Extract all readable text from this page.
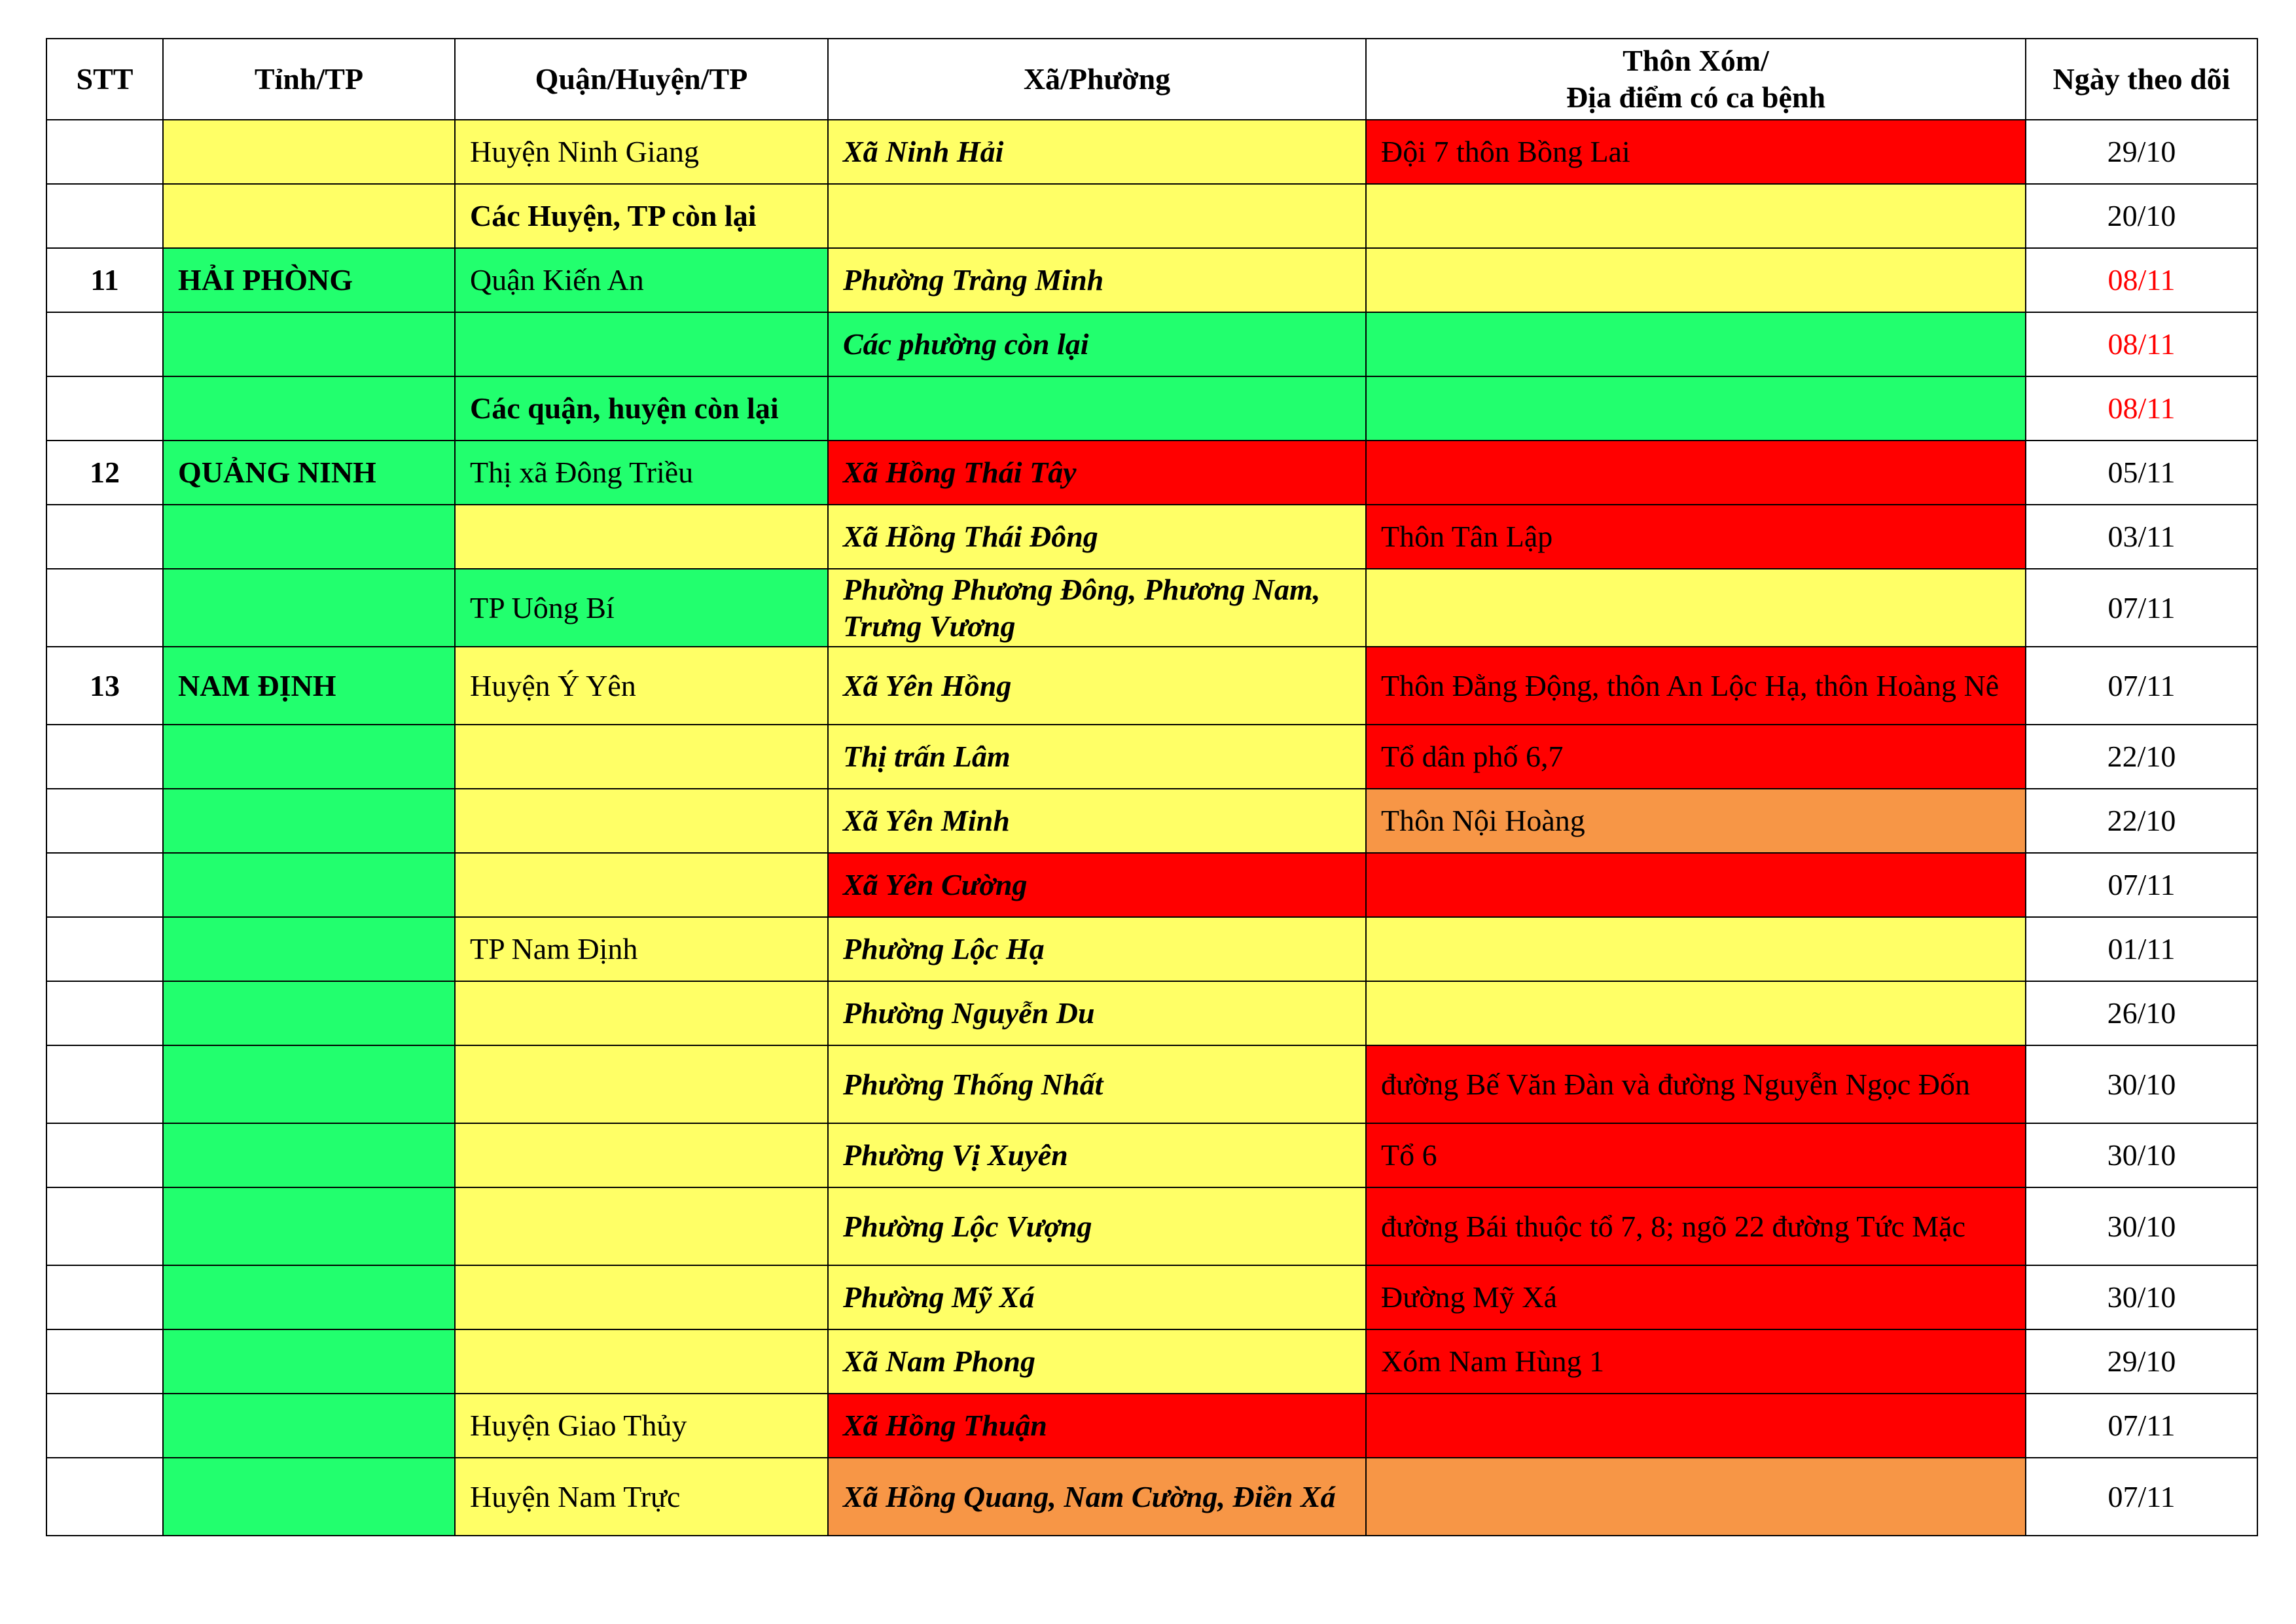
STT	Tỉnh/TP	Quận/Huyện/TP	Xã/Phường	Thôn Xóm/
Địa điểm có ca bệnh	Ngày theo dõi
		Huyện Ninh Giang	Xã Ninh Hải	Đội 7 thôn Bồng Lai	29/10
		Các Huyện, TP còn lại			20/10
11	HẢI PHÒNG	Quận Kiến An	Phường Tràng Minh		08/11
			Các phường còn lại		08/11
		Các quận, huyện còn lại			08/11
12	QUẢNG NINH	Thị xã Đông Triều	Xã Hồng Thái Tây		05/11
			Xã Hồng Thái Đông	Thôn Tân Lập	03/11
		TP Uông Bí	Phường Phương Đông, Phương Nam, Trưng Vương		07/11
13	NAM ĐỊNH	Huyện Ý Yên	Xã Yên Hồng	Thôn Đằng Động, thôn An Lộc Hạ, thôn Hoàng Nê	07/11
			Thị trấn Lâm	Tổ dân phố 6,7	22/10
			Xã Yên Minh	Thôn Nội Hoàng	22/10
			Xã Yên Cường		07/11
		TP Nam Định	Phường Lộc Hạ		01/11
			Phường Nguyễn Du		26/10
			Phường Thống Nhất	đường Bế Văn Đàn và đường Nguyễn Ngọc Đốn	30/10
			Phường Vị Xuyên	Tổ 6	30/10
			Phường Lộc Vượng	đường Bái thuộc tổ 7, 8; ngõ 22 đường Tức Mặc	30/10
			Phường Mỹ Xá	Đường Mỹ Xá	30/10
			Xã Nam Phong	Xóm Nam Hùng 1	29/10
		Huyện Giao Thủy	Xã Hồng Thuận		07/11
		Huyện Nam Trực	Xã Hồng Quang, Nam Cường, Điền Xá		07/11
